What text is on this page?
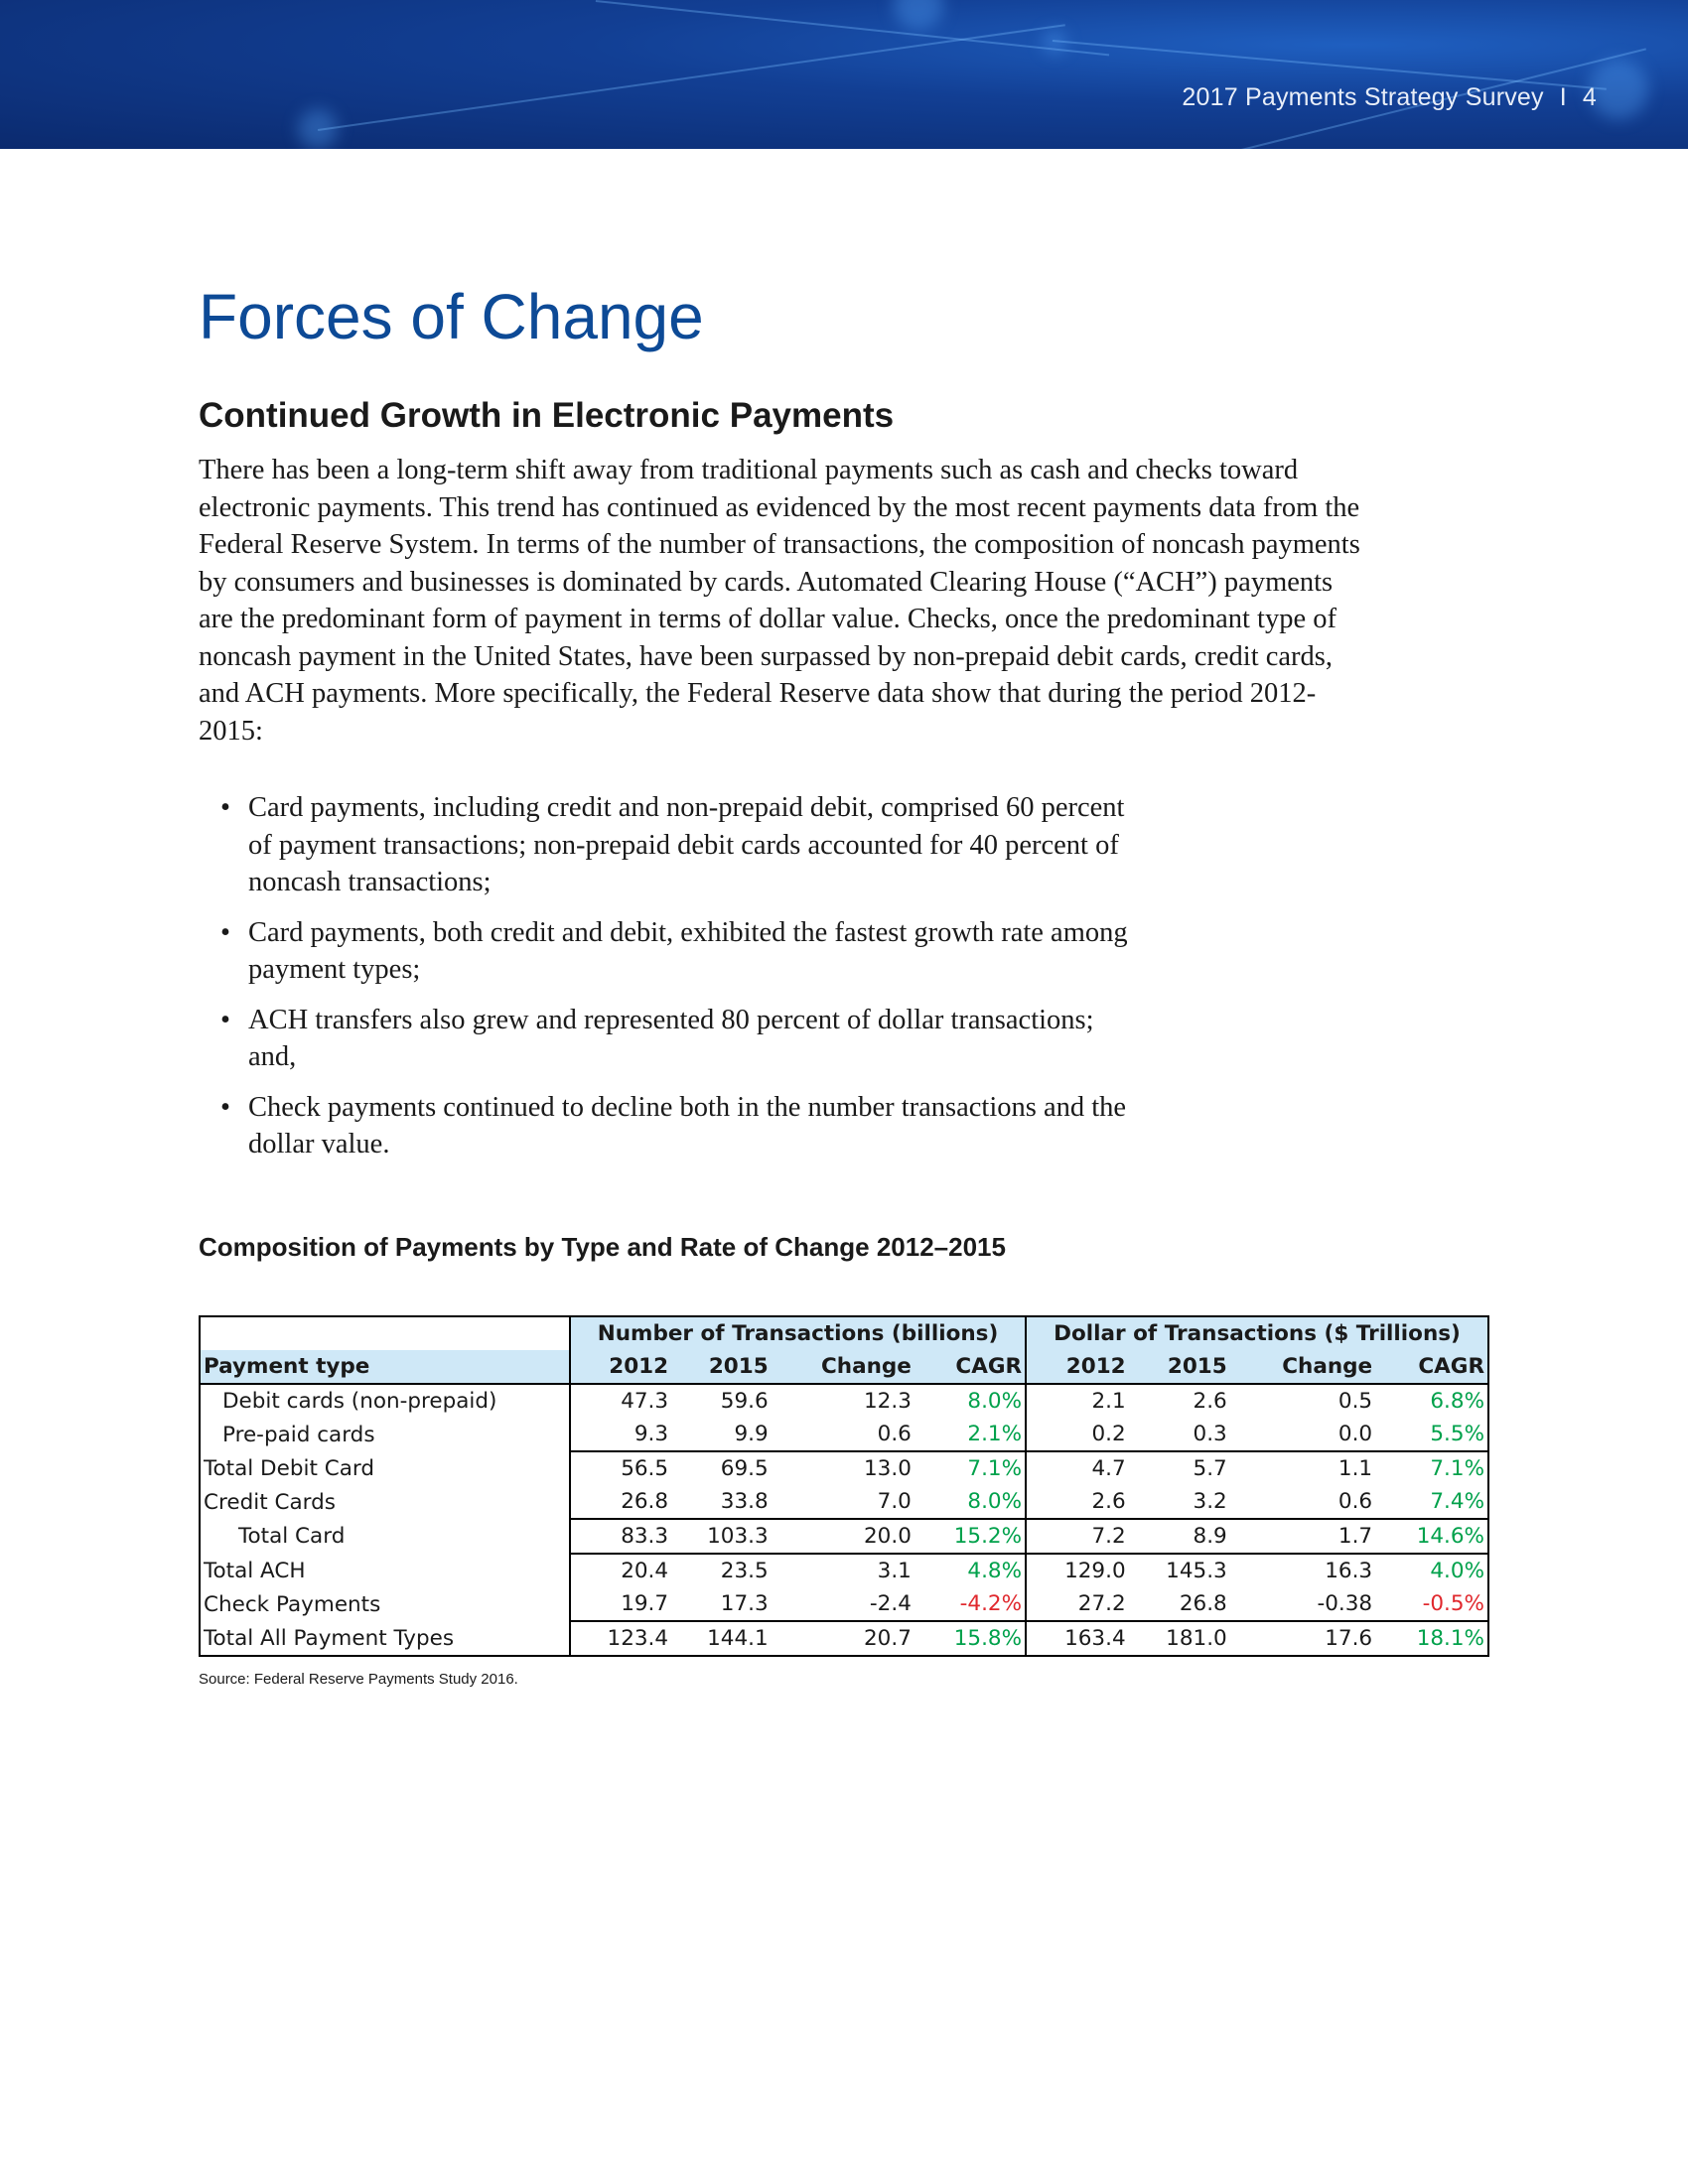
2017 Payments Strategy Survey I 4
Forces of Change
Continued Growth in Electronic Payments

There has been a long-term shift away from traditional payments such as cash and checks toward electronic payments. This trend has continued as evidenced by the most recent payments data from the Federal Reserve System. In terms of the number of transactions, the composition of noncash payments by consumers and businesses is dominated by cards. Automated Clearing House (“ACH”) payments are the predominant form of payment in terms of dollar value. Checks, once the predominant type of noncash payment in the United States, have been surpassed by non-prepaid debit cards, credit cards, and ACH payments. More specifically, the Federal Reserve data show that during the period 2012-2015:

• Card payments, including credit and non-prepaid debit, comprised 60 percent of payment transactions; non-prepaid debit cards accounted for 40 percent of noncash transactions;
• Card payments, both credit and debit, exhibited the fastest growth rate among payment types;
• ACH transfers also grew and represented 80 percent of dollar transactions; and,
• Check payments continued to decline both in the number transactions and the dollar value.
Composition of Payments by Type and Rate of Change 2012–2015
	Number of Transactions (billions)				Dollar of Transactions ($ Trillions)			
Payment type	2012	2015	Change	CAGR	2012	2015	Change	CAGR
Debit cards (non-prepaid)	47.3	59.6	12.3	8.0%	2.1	2.6	0.5	6.8%
Pre-paid cards	9.3	9.9	0.6	2.1%	0.2	0.3	0.0	5.5%
Total Debit Card	56.5	69.5	13.0	7.1%	4.7	5.7	1.1	7.1%
Credit Cards	26.8	33.8	7.0	8.0%	2.6	3.2	0.6	7.4%
Total Card	83.3	103.3	20.0	15.2%	7.2	8.9	1.7	14.6%
Total ACH	20.4	23.5	3.1	4.8%	129.0	145.3	16.3	4.0%
Check Payments	19.7	17.3	-2.4	-4.2%	27.2	26.8	-0.38	-0.5%
Total All Payment Types	123.4	144.1	20.7	15.8%	163.4	181.0	17.6	18.1%

Source: Federal Reserve Payments Study 2016.
